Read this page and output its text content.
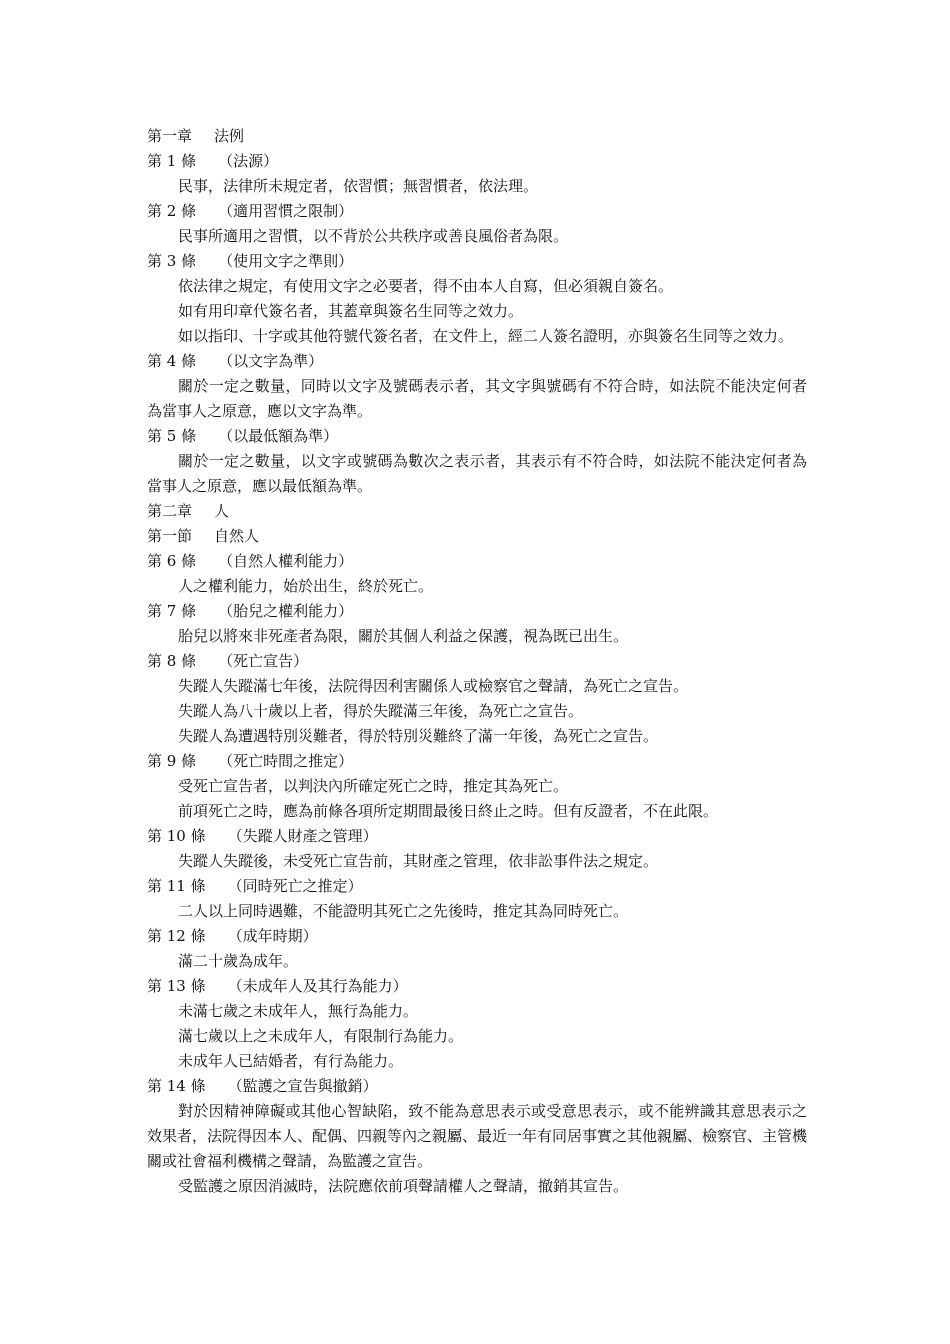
第一章 法例
第 1 條 （法源）
民事，法律所未規定者，依習慣；無習慣者，依法理。
第 2 條 （適用習慣之限制）
民事所適用之習慣，以不背於公共秩序或善良風俗者為限。
第 3 條 （使用文字之準則）
依法律之規定，有使用文字之必要者，得不由本人自寫，但必須親自簽名。
如有用印章代簽名者，其蓋章與簽名生同等之效力。
如以指印、十字或其他符號代簽名者，在文件上，經二人簽名證明，亦與簽名生同等之效力。
第 4 條 （以文字為準）
關於一定之數量，同時以文字及號碼表示者，其文字與號碼有不符合時，如法院不能決定何者為當事人之原意，應以文字為準。
第 5 條 （以最低額為準）
關於一定之數量，以文字或號碼為數次之表示者，其表示有不符合時，如法院不能決定何者為當事人之原意，應以最低額為準。
第二章 人
第一節 自然人
第 6 條 （自然人權利能力）
人之權利能力，始於出生，終於死亡。
第 7 條 （胎兒之權利能力）
胎兒以將來非死產者為限，關於其個人利益之保護，視為既已出生。
第 8 條 （死亡宣告）
失蹤人失蹤滿七年後，法院得因利害關係人或檢察官之聲請，為死亡之宣告。
失蹤人為八十歲以上者，得於失蹤滿三年後，為死亡之宣告。
失蹤人為遭遇特別災難者，得於特別災難終了滿一年後，為死亡之宣告。
第 9 條 （死亡時間之推定）
受死亡宣告者，以判決內所確定死亡之時，推定其為死亡。
前項死亡之時，應為前條各項所定期間最後日終止之時。但有反證者，不在此限。
第 10 條 （失蹤人財產之管理）
失蹤人失蹤後，未受死亡宣告前，其財產之管理，依非訟事件法之規定。
第 11 條 （同時死亡之推定）
二人以上同時遇難，不能證明其死亡之先後時，推定其為同時死亡。
第 12 條 （成年時期）
滿二十歲為成年。
第 13 條 （未成年人及其行為能力）
未滿七歲之未成年人，無行為能力。
滿七歲以上之未成年人，有限制行為能力。
未成年人已結婚者，有行為能力。
第 14 條 （監護之宣告與撤銷）
對於因精神障礙或其他心智缺陷，致不能為意思表示或受意思表示，或不能辨識其意思表示之效果者，法院得因本人、配偶、四親等內之親屬、最近一年有同居事實之其他親屬、檢察官、主管機關或社會福利機構之聲請，為監護之宣告。
受監護之原因消滅時，法院應依前項聲請權人之聲請，撤銷其宣告。
